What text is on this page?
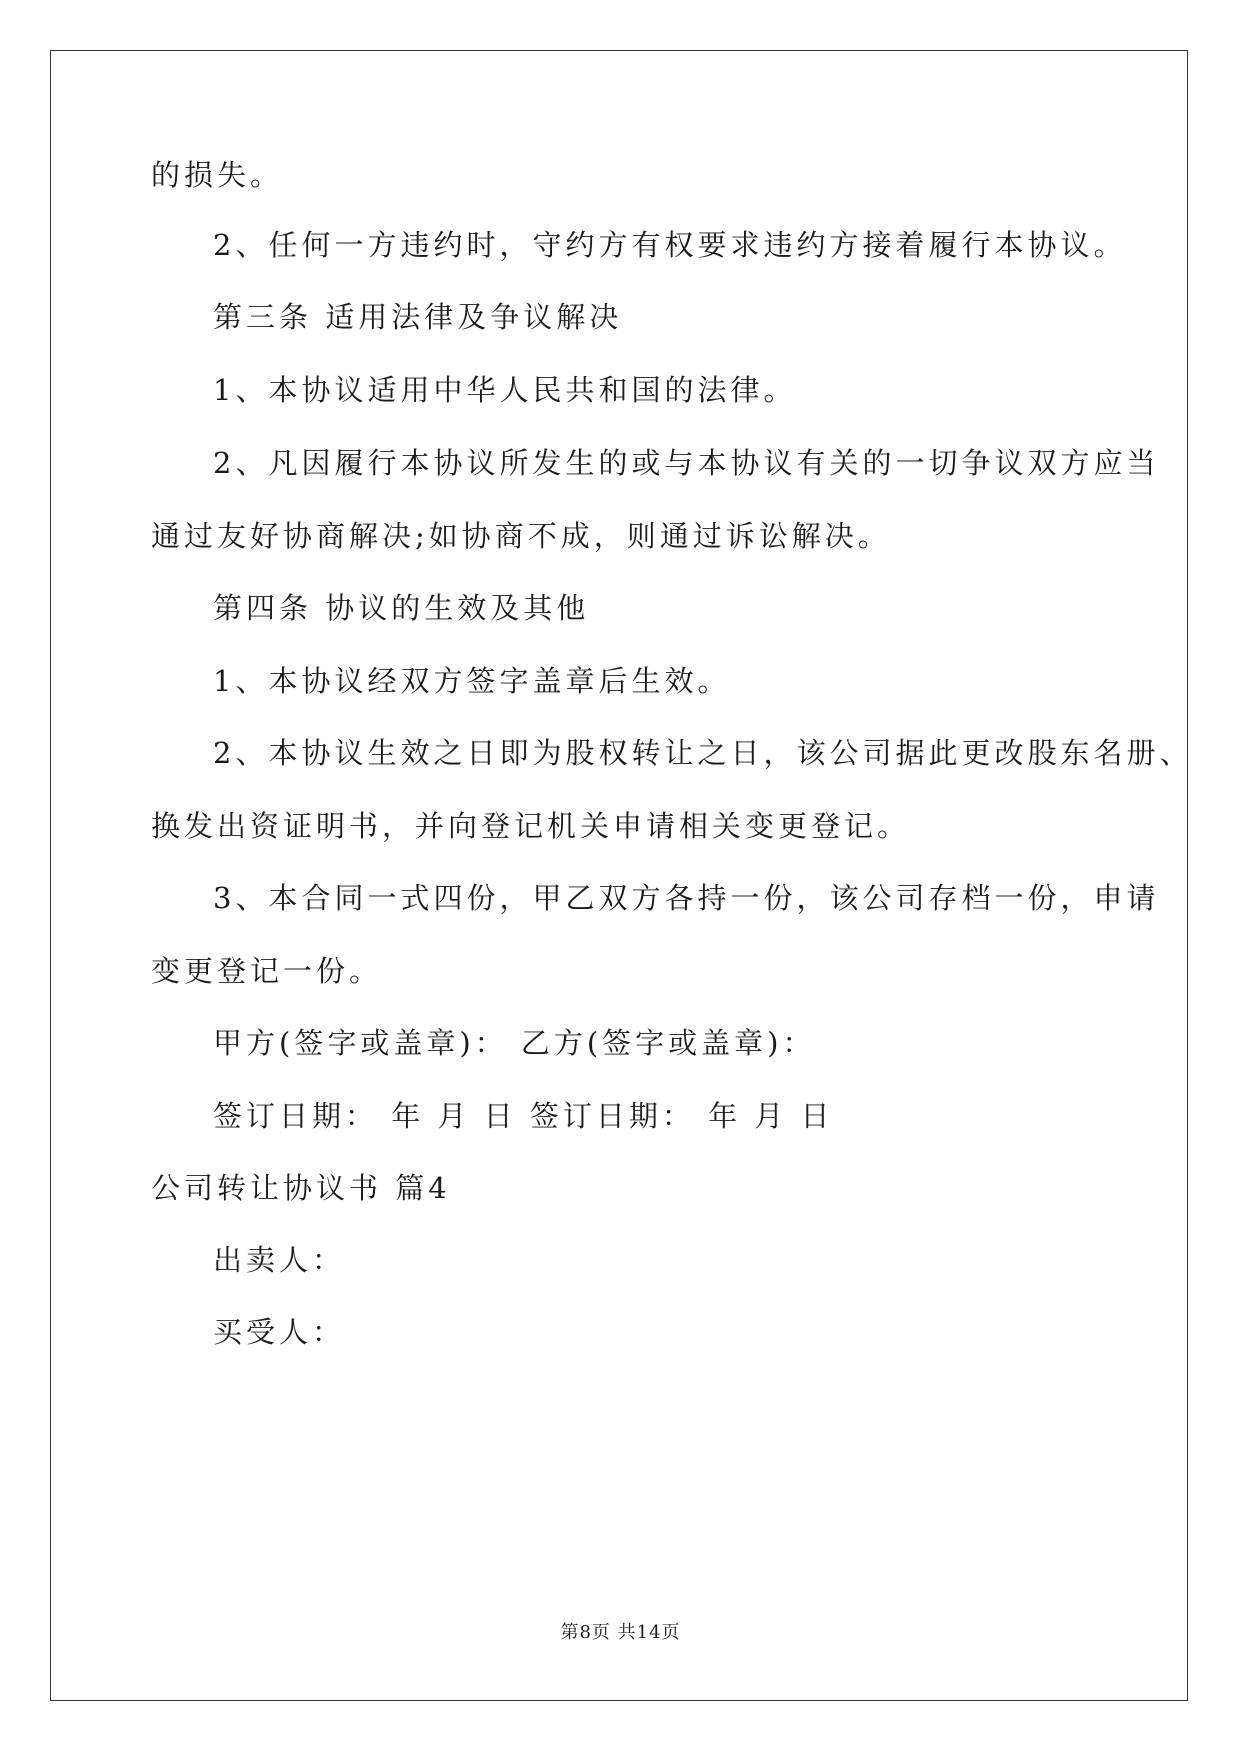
的损失。
2、任何一方违约时，守约方有权要求违约方接着履行本协议。
第三条 适用法律及争议解决
1、本协议适用中华人民共和国的法律。
2、凡因履行本协议所发生的或与本协议有关的一切争议双方应当
通过友好协商解决;如协商不成，则通过诉讼解决。
第四条 协议的生效及其他
1、本协议经双方签字盖章后生效。
2、本协议生效之日即为股权转让之日，该公司据此更改股东名册、
换发出资证明书，并向登记机关申请相关变更登记。
3、本合同一式四份，甲乙双方各持一份，该公司存档一份，申请
变更登记一份。
甲方(签字或盖章)： 乙方(签字或盖章)：
签订日期： 年 月 日 签订日期： 年 月 日
公司转让协议书 篇4
出卖人：
买受人：
第8页 共14页
